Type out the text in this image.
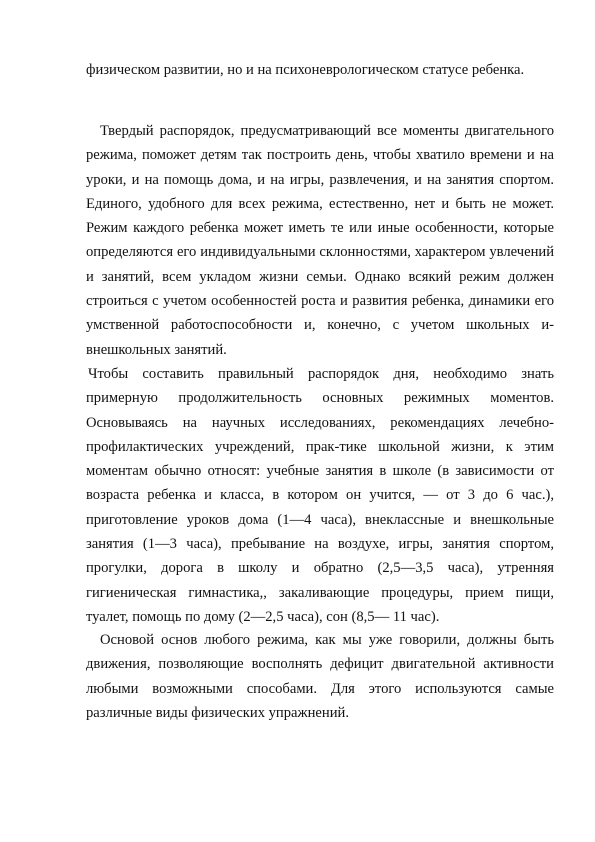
физическом развитии, но и на психоневрологическом статусе ребенка.

Твердый распорядок, предусматривающий все моменты двигательного режима, поможет детям так построить день, чтобы хватило времени и на уроки, и на помощь дома, и на игры, развлечения, и на занятия спортом. Единого, удобного для всех режима, естественно, нет и быть не может. Режим каждого ребенка может иметь те или иные особенности, которые определяются его индивидуальными склонностями, характером увлечений и занятий, всем укладом жизни семьи. Однако всякий режим должен строиться с учетом особенностей роста и развития ребенка, динамики его умственной работоспособности и, конечно, с учетом школьных и- внешкольных занятий.

Чтобы составить правильный распорядок дня, необходимо знать примерную продолжительность основных режимных моментов. Основываясь на научных исследованиях, рекомендациях лечебно-профилактических учреждений, прак-тике школьной жизни, к этим моментам обычно относят: учебные занятия в школе (в зависимости от возраста ребенка и класса, в котором он учится, — от 3 до 6 час.), приготовление уроков дома (1—4 часа), внеклассные и внешкольные занятия (1—3 часа), пребывание на воздухе, игры, занятия спортом, прогулки, дорога в школу и обратно (2,5—3,5 часа), утренняя гигиеническая гимнастика,, закаливающие процедуры, прием пищи, туалет, помощь по дому (2—2,5 часа), сон (8,5— 11 час).

Основой основ любого режима, как мы уже говорили, должны быть движения, позволяющие восполнять дефицит двигательной активности любыми возможными способами. Для этого используются самые различные виды физических упражнений.
